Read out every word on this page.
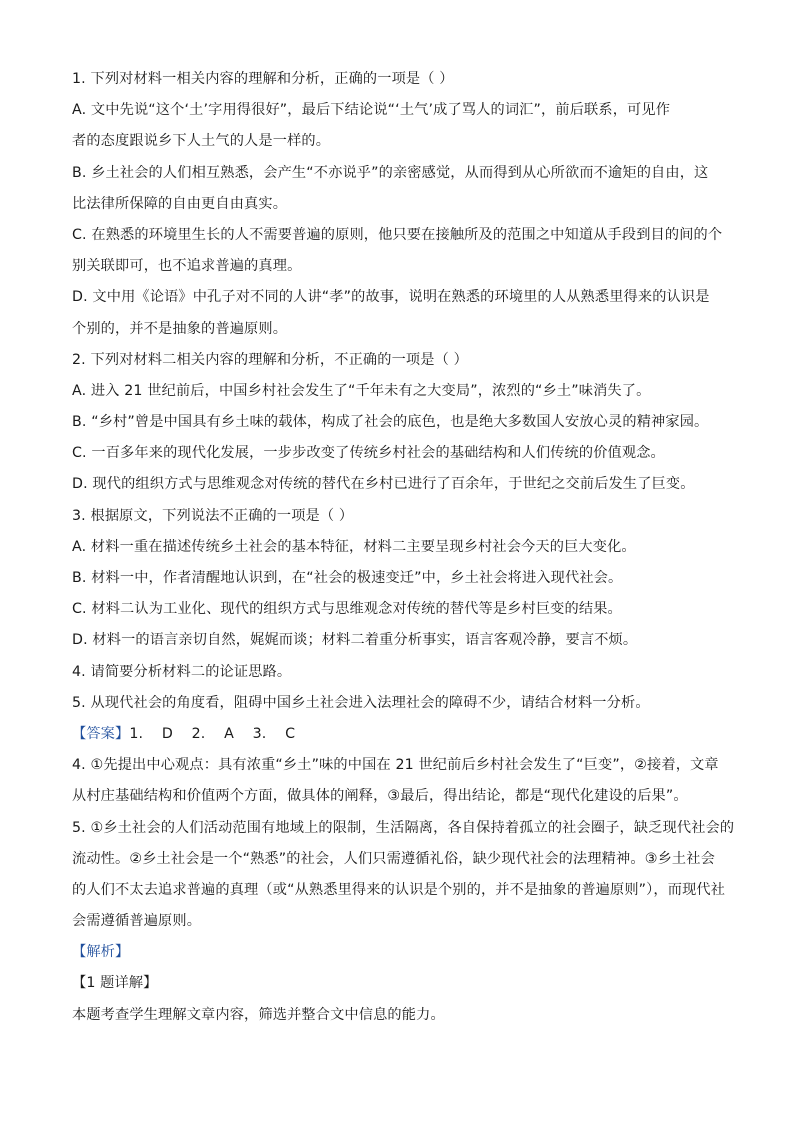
1. 下列对材料一相关内容的理解和分析，正确的一项是（ ）
A. 文中先说“这个‘土’字用得很好”，最后下结论说“‘土气’成了骂人的词汇”，前后联系，可见作
者的态度跟说乡下人土气的人是一样的。
B. 乡土社会的人们相互熟悉，会产生“不亦说乎”的亲密感觉，从而得到从心所欲而不逾矩的自由，这
比法律所保障的自由更自由真实。
C. 在熟悉的环境里生长的人不需要普遍的原则，他只要在接触所及的范围之中知道从手段到目的间的个
别关联即可，也不追求普遍的真理。
D. 文中用《论语》中孔子对不同的人讲“孝”的故事，说明在熟悉的环境里的人从熟悉里得来的认识是
个别的，并不是抽象的普遍原则。
2. 下列对材料二相关内容的理解和分析，不正确的一项是（ ）
A. 进入 21 世纪前后，中国乡村社会发生了“千年未有之大变局”，浓烈的“乡土”味消失了。
B. “乡村”曾是中国具有乡土味的载体，构成了社会的底色，也是绝大多数国人安放心灵的精神家园。
C. 一百多年来的现代化发展，一步步改变了传统乡村社会的基础结构和人们传统的价值观念。
D. 现代的组织方式与思维观念对传统的替代在乡村已进行了百余年，于世纪之交前后发生了巨变。
3. 根据原文，下列说法不正确的一项是（ ）
A. 材料一重在描述传统乡土社会的基本特征，材料二主要呈现乡村社会今天的巨大变化。
B. 材料一中，作者清醒地认识到，在“社会的极速变迁”中，乡土社会将进入现代社会。
C. 材料二认为工业化、现代的组织方式与思维观念对传统的替代等是乡村巨变的结果。
D. 材料一的语言亲切自然，娓娓而谈；材料二着重分析事实，语言客观冷静，要言不烦。
4. 请简要分析材料二的论证思路。
5. 从现代社会的角度看，阻碍中国乡土社会进入法理社会的障碍不少，请结合材料一分析。
【答案】1. D 2. A 3. C
4. ①先提出中心观点：具有浓重“乡土”味的中国在 21 世纪前后乡村社会发生了“巨变”，②接着，文章
从村庄基础结构和价值两个方面，做具体的阐释，③最后，得出结论，都是“现代化建设的后果”。
5. ①乡土社会的人们活动范围有地域上的限制，生活隔离，各自保持着孤立的社会圈子，缺乏现代社会的
流动性。②乡土社会是一个“熟悉”的社会，人们只需遵循礼俗，缺少现代社会的法理精神。③乡土社会
的人们不太去追求普遍的真理（或“从熟悉里得来的认识是个别的，并不是抽象的普遍原则”），而现代社
会需遵循普遍原则。
【解析】
【1 题详解】
本题考查学生理解文章内容，筛选并整合文中信息的能力。
